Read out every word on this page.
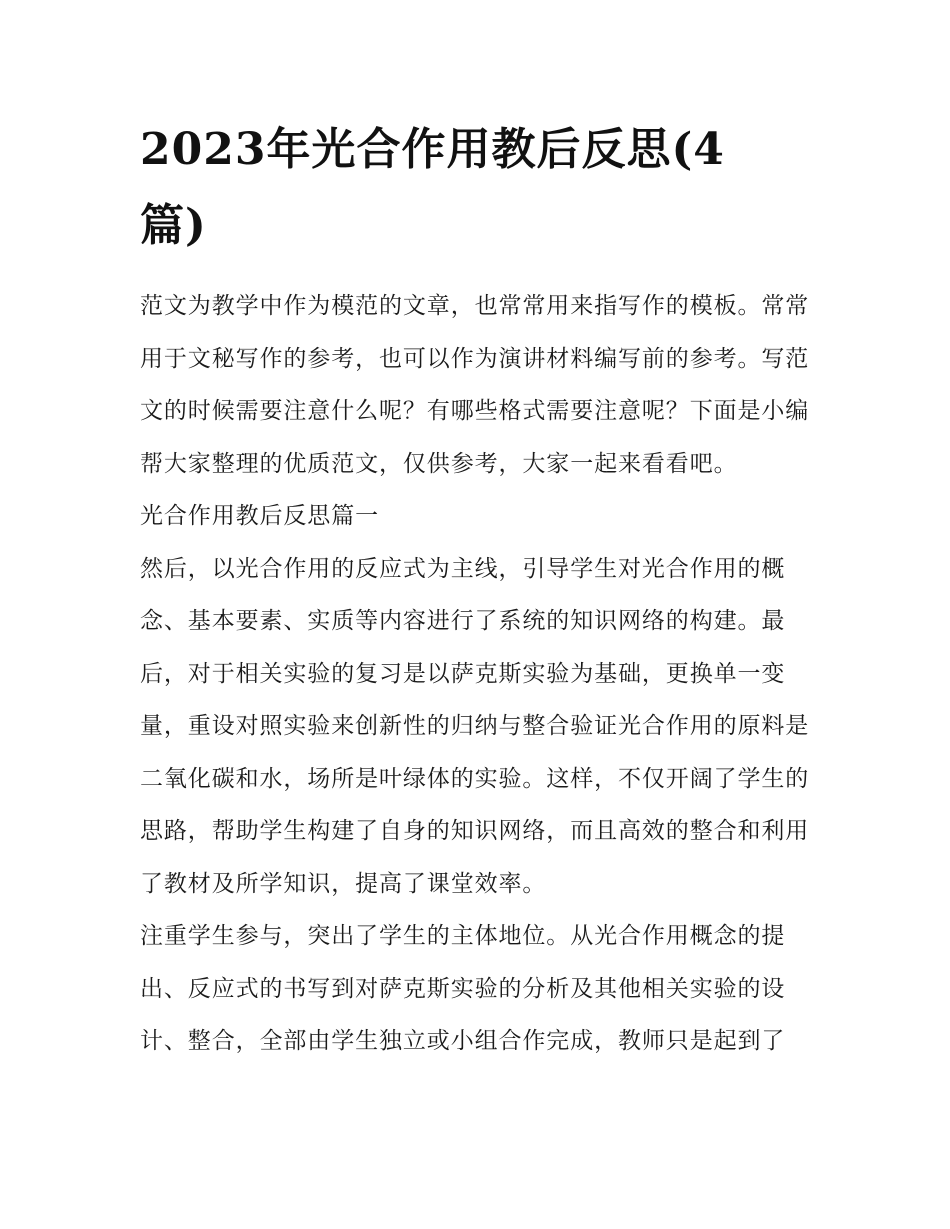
2023年光合作用教后反思(4篇)

范文为教学中作为模范的文章，也常常用来指写作的模板。常常用于文秘写作的参考，也可以作为演讲材料编写前的参考。写范文的时候需要注意什么呢？有哪些格式需要注意呢？下面是小编帮大家整理的优质范文，仅供参考，大家一起来看看吧。

光合作用教后反思篇一

然后，以光合作用的反应式为主线，引导学生对光合作用的概念、基本要素、实质等内容进行了系统的知识网络的构建。最后，对于相关实验的复习是以萨克斯实验为基础，更换单一变量，重设对照实验来创新性的归纳与整合验证光合作用的原料是二氧化碳和水，场所是叶绿体的实验。这样，不仅开阔了学生的思路，帮助学生构建了自身的知识网络，而且高效的整合和利用了教材及所学知识，提高了课堂效率。

注重学生参与，突出了学生的主体地位。从光合作用概念的提出、反应式的书写到对萨克斯实验的分析及其他相关实验的设计、整合，全部由学生独立或小组合作完成，教师只是起到了
